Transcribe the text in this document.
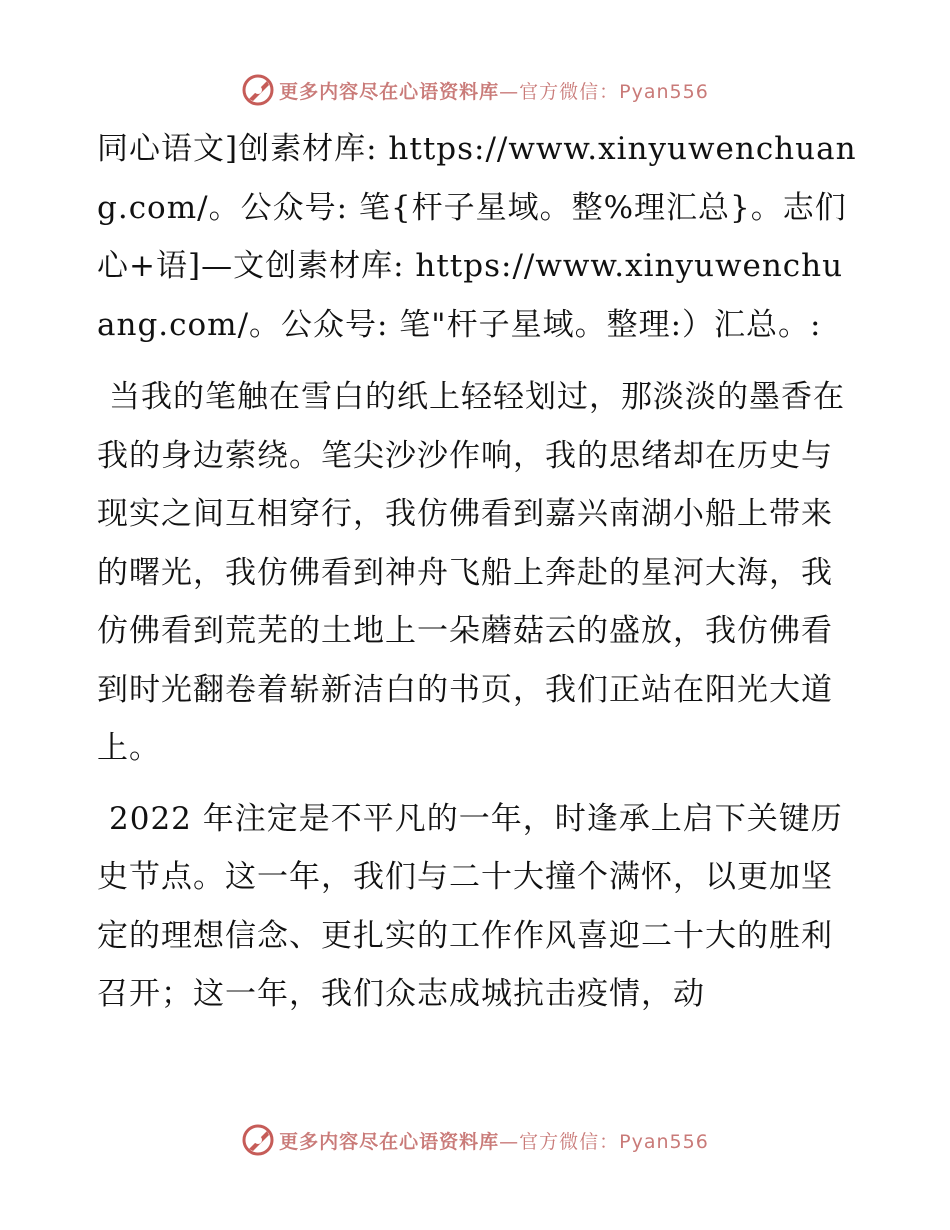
更多内容尽在心语资料库—官方微信：Pyan556

同心语文]创素材库: https://www.xinyuwenchuang.com/。公众号: 笔{杆子星域。整%理汇总}。志们心+语]—文创素材库: https://www.xinyuwenchuang.com/。公众号: 笔"杆子星域。整理:）汇总。:

当我的笔触在雪白的纸上轻轻划过，那淡淡的墨香在我的身边萦绕。笔尖沙沙作响，我的思绪却在历史与现实之间互相穿行，我仿佛看到嘉兴南湖小船上带来的曙光，我仿佛看到神舟飞船上奔赴的星河大海，我仿佛看到荒芜的土地上一朵蘑菇云的盛放，我仿佛看到时光翻卷着崭新洁白的书页，我们正站在阳光大道上。

2022 年注定是不平凡的一年，时逢承上启下关键历史节点。这一年，我们与二十大撞个满怀，以更加坚定的理想信念、更扎实的工作作风喜迎二十大的胜利召开；这一年，我们众志成城抗击疫情，动

更多内容尽在心语资料库—官方微信：Pyan556
